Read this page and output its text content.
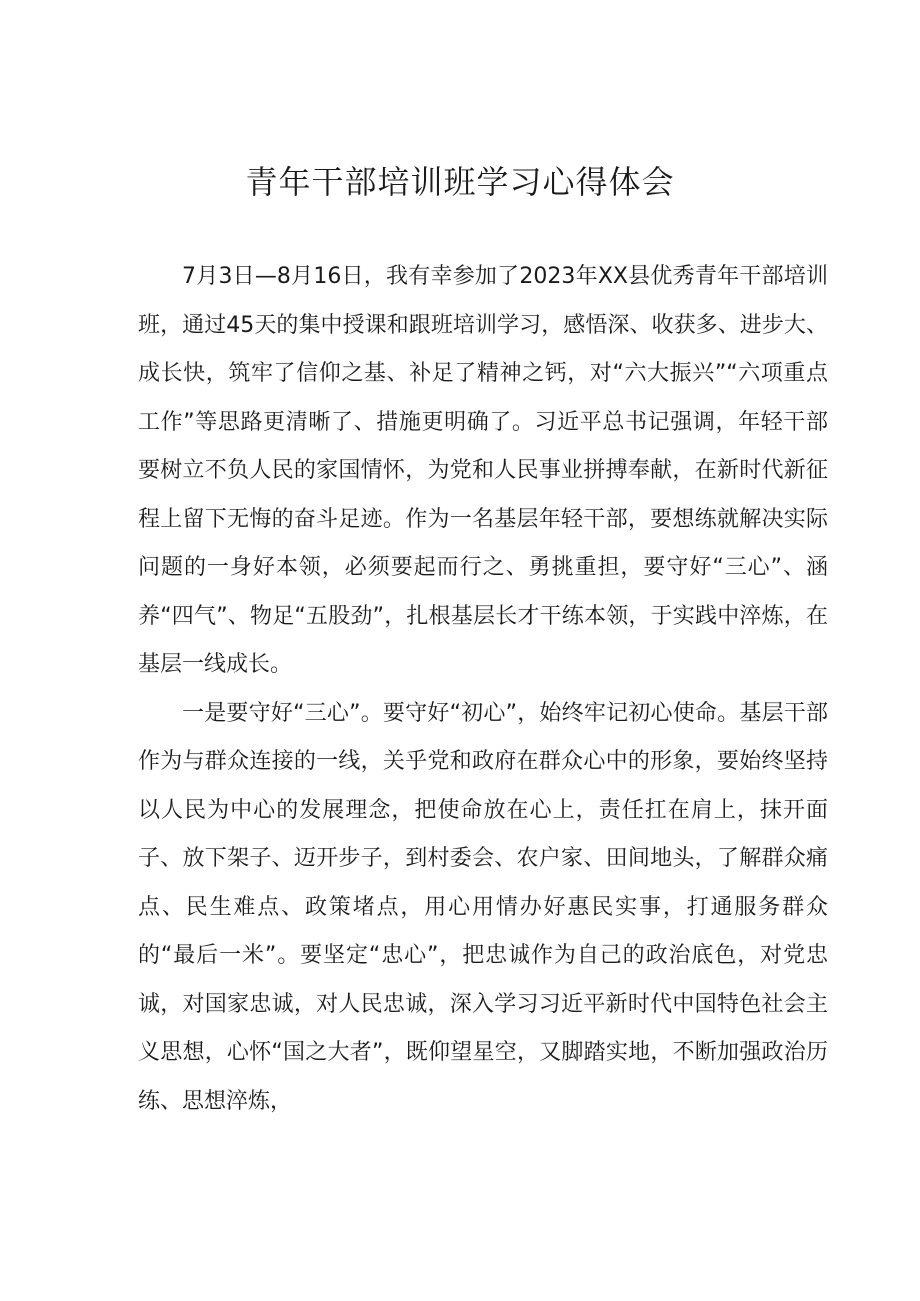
青年干部培训班学习心得体会

7月3日—8月16日，我有幸参加了2023年XX县优秀青年干部培训班，通过45天的集中授课和跟班培训学习，感悟深、收获多、进步大、成长快，筑牢了信仰之基、补足了精神之钙，对“六大振兴”“六项重点工作”等思路更清晰了、措施更明确了。习近平总书记强调，年轻干部要树立不负人民的家国情怀，为党和人民事业拼搏奉献，在新时代新征程上留下无悔的奋斗足迹。作为一名基层年轻干部，要想练就解决实际问题的一身好本领，必须要起而行之、勇挑重担，要守好“三心”、涵养“四气”、物足“五股劲”，扎根基层长才干练本领，于实践中淬炼，在基层一线成长。

一是要守好“三心”。要守好“初心”，始终牢记初心使命。基层干部作为与群众连接的一线，关乎党和政府在群众心中的形象，要始终坚持以人民为中心的发展理念，把使命放在心上，责任扛在肩上，抹开面子、放下架子、迈开步子，到村委会、农户家、田间地头，了解群众痛点、民生难点、政策堵点，用心用情办好惠民实事，打通服务群众的“最后一米”。要坚定“忠心”，把忠诚作为自己的政治底色，对党忠诚，对国家忠诚，对人民忠诚，深入学习习近平新时代中国特色社会主义思想，心怀“国之大者”，既仰望星空，又脚踏实地，不断加强政治历练、思想淬炼，
